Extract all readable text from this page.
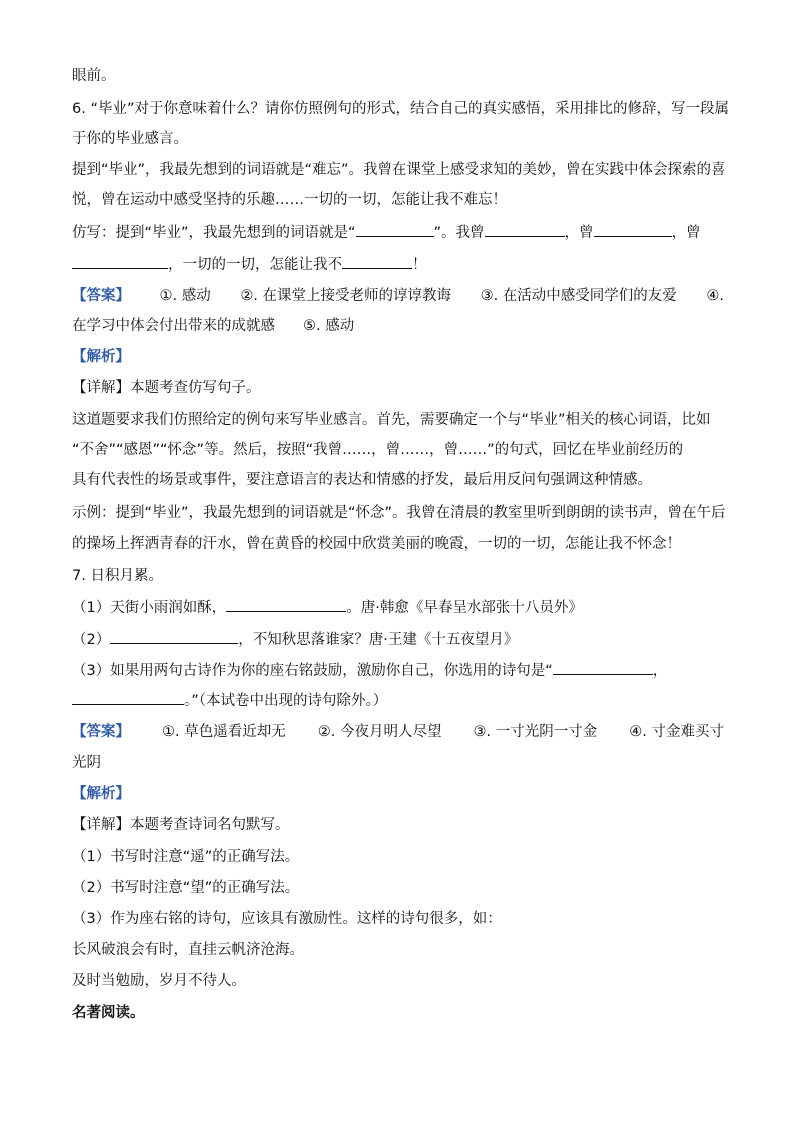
眼前。
6. “毕业”对于你意味着什么？请你仿照例句的形式，结合自己的真实感悟，采用排比的修辞，写一段属
于你的毕业感言。
提到“毕业”，我最先想到的词语就是“难忘”。我曾在课堂上感受求知的美妙，曾在实践中体会探索的喜
悦，曾在运动中感受坚持的乐趣……一切的一切，怎能让我不难忘！
仿写：提到“毕业”，我最先想到的词语就是“	”。我曾	，曾	，曾
，一切的一切，怎能让我不	！
【答案】 ①. 感动 ②. 在课堂上接受老师的谆谆教诲 ③. 在活动中感受同学们的友爱 ④.
在学习中体会付出带来的成就感 ⑤. 感动
【解析】
【详解】本题考查仿写句子。
这道题要求我们仿照给定的例句来写毕业感言。首先，需要确定一个与“毕业”相关的核心词语，比如
“不舍”“感恩”“怀念”等。然后，按照“我曾……，曾……，曾……”的句式，回忆在毕业前经历的
具有代表性的场景或事件，要注意语言的表达和情感的抒发，最后用反问句强调这种情感。
示例：提到“毕业”，我最先想到的词语就是“怀念”。我曾在清晨的教室里听到朗朗的读书声，曾在午后
的操场上挥洒青春的汗水，曾在黄昏的校园中欣赏美丽的晚霞，一切的一切，怎能让我不怀念！
7. 日积月累。
（1）天街小雨润如酥，	。唐·韩愈《早春呈水部张十八员外》
（2）	，不知秋思落谁家？唐·王建《十五夜望月》
（3）如果用两句古诗作为你的座右铭鼓励，激励你自己，你选用的诗句是“	，
。”（本试卷中出现的诗句除外。）
【答案】 ①. 草色遥看近却无 ②. 今夜月明人尽望 ③. 一寸光阴一寸金 ④. 寸金难买寸
光阴
【解析】
【详解】本题考查诗词名句默写。
（1）书写时注意“遥”的正确写法。
（2）书写时注意“望”的正确写法。
（3）作为座右铭的诗句，应该具有激励性。这样的诗句很多，如：
长风破浪会有时，直挂云帆济沧海。
及时当勉励，岁月不待人。
名著阅读。
